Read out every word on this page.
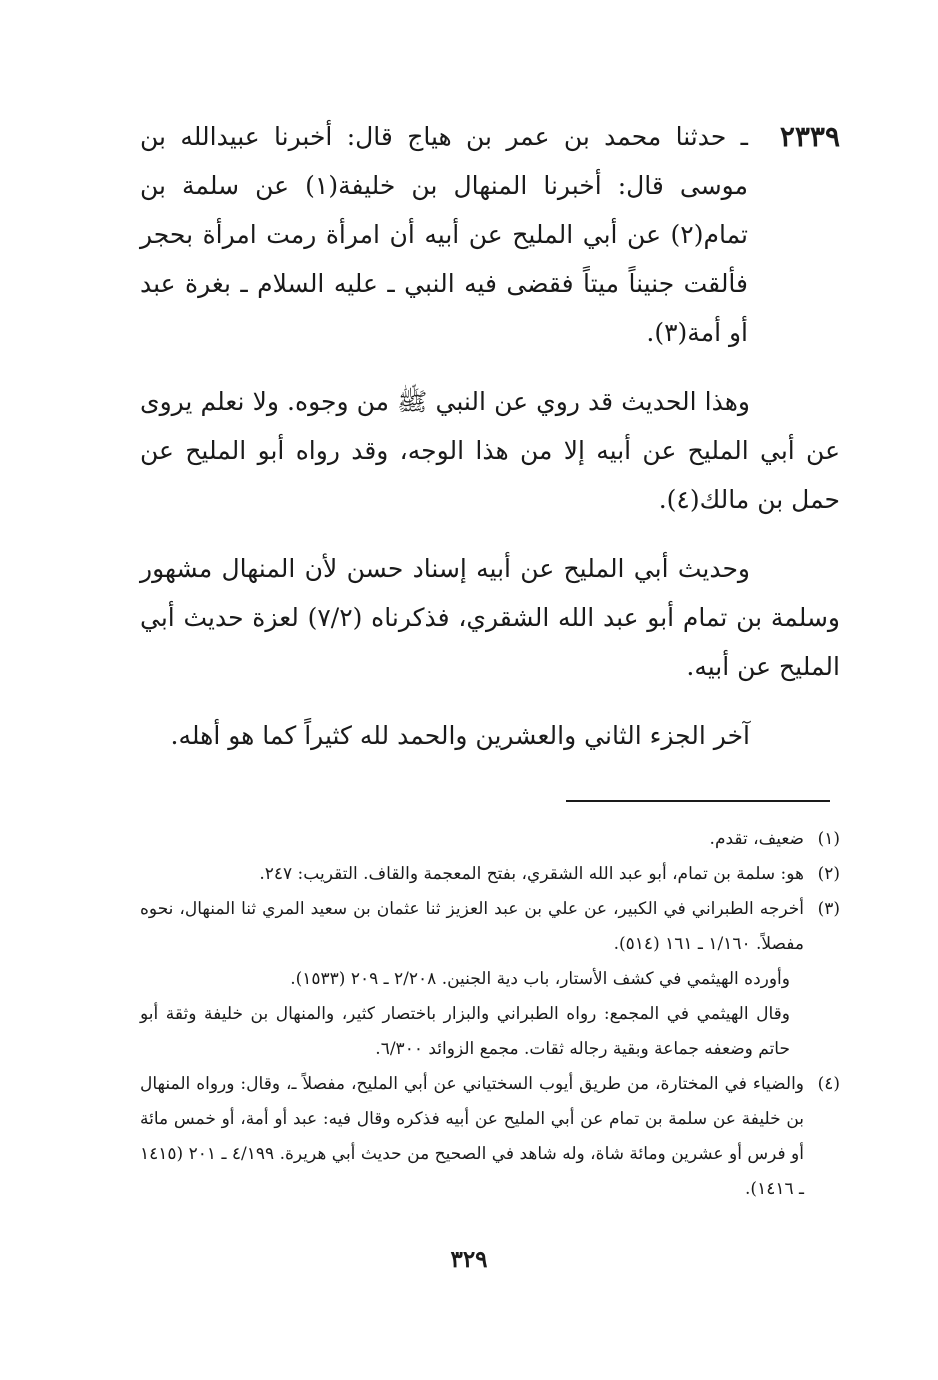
٢٣٣٩

ـ حدثنا محمد بن عمر بن هياج قال: أخبرنا عبيدالله بن موسى قال: أخبرنا المنهال بن خليفة(١) عن سلمة بن تمام(٢) عن أبي المليح عن أبيه أن امرأة رمت امرأة بحجر فألقت جنيناً ميتاً فقضى فيه النبي ـ عليه السلام ـ بغرة عبد أو أمة(٣).

وهذا الحديث قد روي عن النبي ﷺ من وجوه. ولا نعلم يروى عن أبي المليح عن أبيه إلا من هذا الوجه، وقد رواه أبو المليح عن حمل بن مالك(٤).

وحديث أبي المليح عن أبيه إسناد حسن لأن المنهال مشهور وسلمة بن تمام أبو عبد الله الشقري، فذكرناه (٧/٢) لعزة حديث أبي المليح عن أبيه.

آخر الجزء الثاني والعشرين والحمد لله كثيراً كما هو أهله.

(١)
ضعيف، تقدم.
(٢)
هو: سلمة بن تمام، أبو عبد الله الشقري، بفتح المعجمة والقاف. التقريب: ٢٤٧.
(٣)
أخرجه الطبراني في الكبير، عن علي بن عبد العزيز ثنا عثمان بن سعيد المري ثنا المنهال، نحوه مفصلاً. ١/١٦٠ ـ ١٦١ (٥١٤).
وأورده الهيثمي في كشف الأستار، باب دية الجنين. ٢/٢٠٨ ـ ٢٠٩ (١٥٣٣).
وقال الهيثمي في المجمع: رواه الطبراني والبزار باختصار كثير، والمنهال بن خليفة وثقة أبو حاتم وضعفه جماعة وبقية رجاله ثقات. مجمع الزوائد ٦/٣٠٠.
(٤)
والضياء في المختارة، من طريق أيوب السختياني عن أبي المليح، مفصلاً ـ، وقال: ورواه المنهال بن خليفة عن سلمة بن تمام عن أبي المليح عن أبيه فذكره وقال فيه: عبد أو أمة، أو خمس مائة أو فرس أو عشرين ومائة شاة، وله شاهد في الصحيح من حديث أبي هريرة. ٤/١٩٩ ـ ٢٠١ (١٤١٥ ـ ١٤١٦).
٣٢٩
